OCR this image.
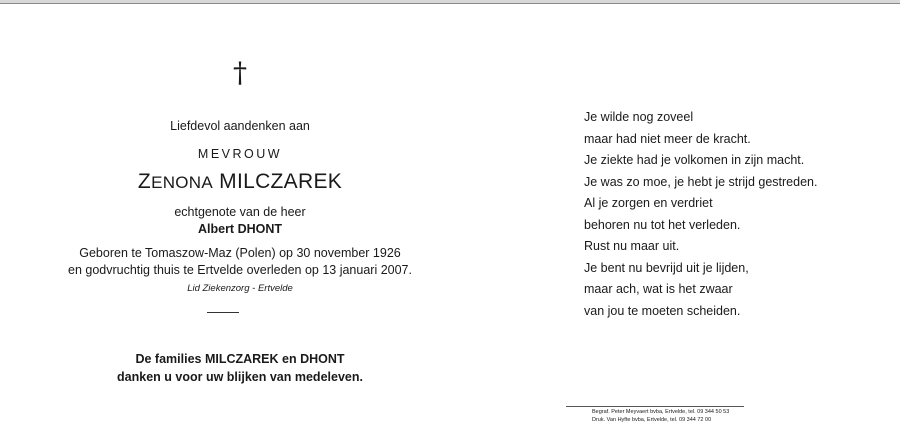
†
Liefdevol aandenken aan
MEVROUW
ZENONA MILCZAREK
echtgenote van de heer
Albert DHONT
Geboren te Tomaszow-Maz (Polen) op 30 november 1926
en godvruchtig thuis te Ertvelde overleden op 13 januari 2007.
Lid Ziekenzorg - Ertvelde
De families MILCZAREK en DHONT
danken u voor uw blijken van medeleven.
Je wilde nog zoveel
maar had niet meer de kracht.
Je ziekte had je volkomen in zijn macht.
Je was zo moe, je hebt je strijd gestreden.
Al je zorgen en verdriet
behoren nu tot het verleden.
Rust nu maar uit.
Je bent nu bevrijd uit je lijden,
maar ach, wat is het zwaar
van jou te moeten scheiden.
Begraf. Peter Meyvaert bvba, Ertvelde, tel. 09 344 50 53
Druk. Van Hyfte bvba, Ertvelde, tel. 09 344 72 00
